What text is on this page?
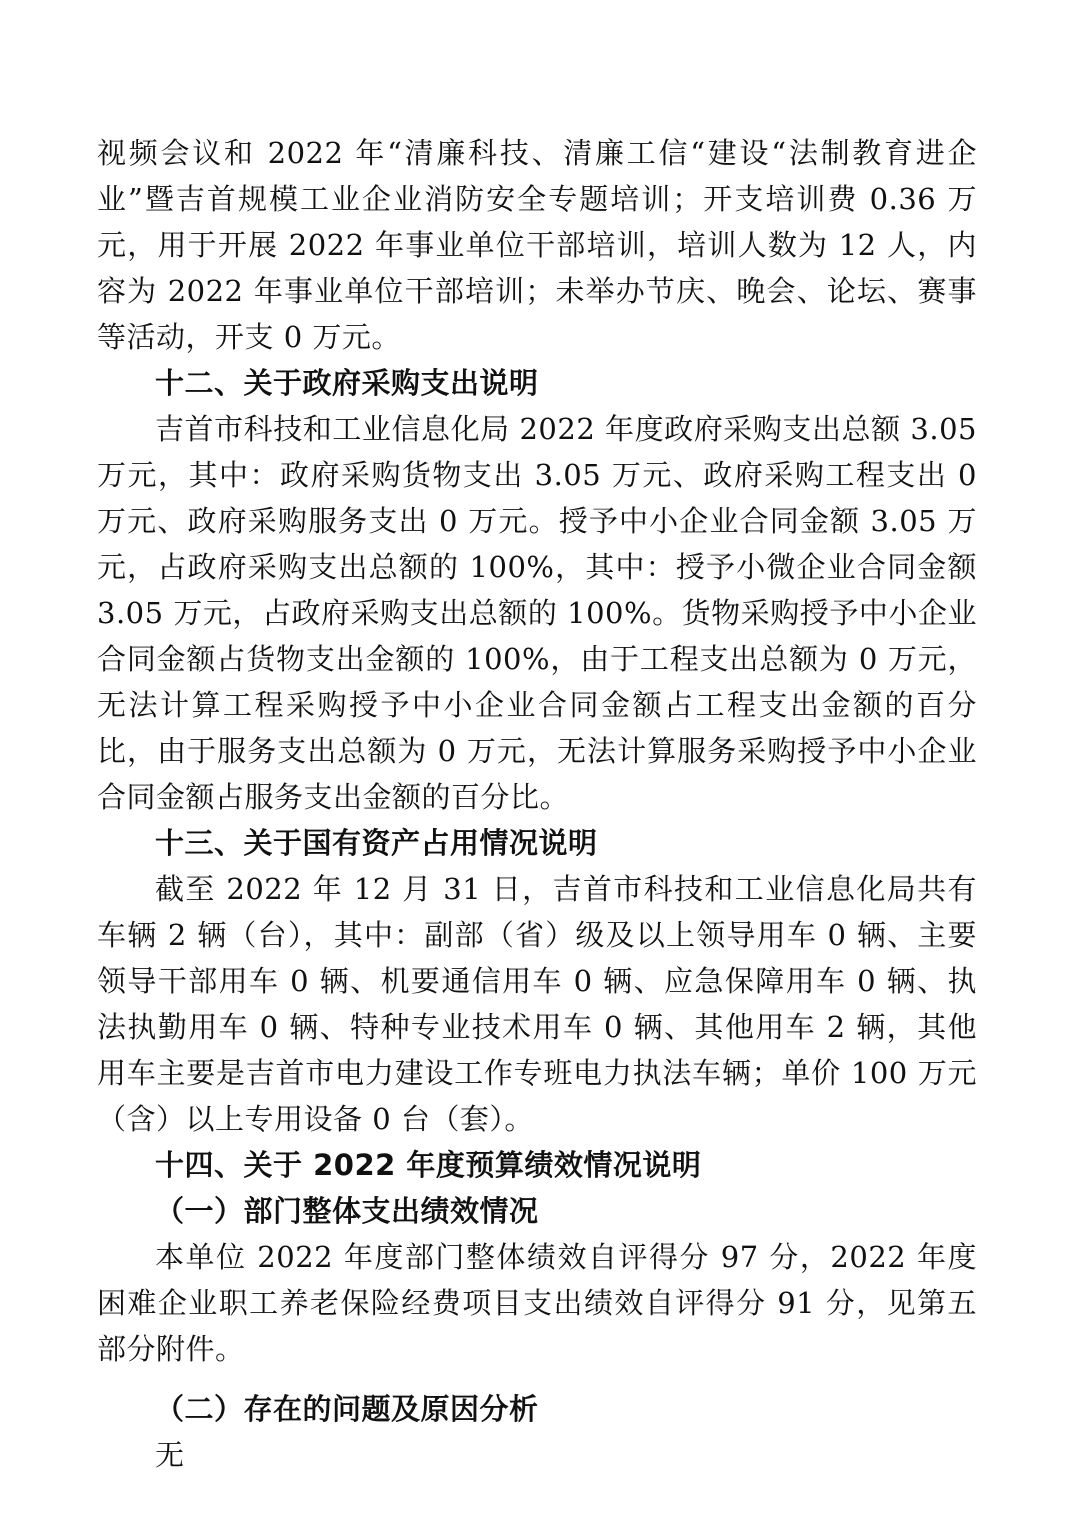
视频会议和 2022 年“清廉科技、清廉工信“建设“法制教育进企业”暨吉首规模工业企业消防安全专题培训；开支培训费 0.36 万元，用于开展 2022 年事业单位干部培训，培训人数为 12 人，内容为 2022 年事业单位干部培训；未举办节庆、晚会、论坛、赛事等活动，开支 0 万元。

十二、关于政府采购支出说明

吉首市科技和工业信息化局 2022 年度政府采购支出总额 3.05 万元，其中：政府采购货物支出 3.05 万元、政府采购工程支出 0 万元、政府采购服务支出 0 万元。授予中小企业合同金额 3.05 万元，占政府采购支出总额的 100%，其中：授予小微企业合同金额 3.05 万元，占政府采购支出总额的 100%。货物采购授予中小企业合同金额占货物支出金额的 100%，由于工程支出总额为 0 万元，无法计算工程采购授予中小企业合同金额占工程支出金额的百分比，由于服务支出总额为 0 万元，无法计算服务采购授予中小企业合同金额占服务支出金额的百分比。

十三、关于国有资产占用情况说明

截至 2022 年 12 月 31 日，吉首市科技和工业信息化局共有车辆 2 辆（台），其中：副部（省）级及以上领导用车 0 辆、主要领导干部用车 0 辆、机要通信用车 0 辆、应急保障用车 0 辆、执法执勤用车 0 辆、特种专业技术用车 0 辆、其他用车 2 辆，其他用车主要是吉首市电力建设工作专班电力执法车辆；单价 100 万元（含）以上专用设备 0 台（套）。

十四、关于 2022 年度预算绩效情况说明
（一）部门整体支出绩效情况

本单位 2022 年度部门整体绩效自评得分 97 分，2022 年度困难企业职工养老保险经费项目支出绩效自评得分 91 分，见第五部分附件。

（二）存在的问题及原因分析

无
